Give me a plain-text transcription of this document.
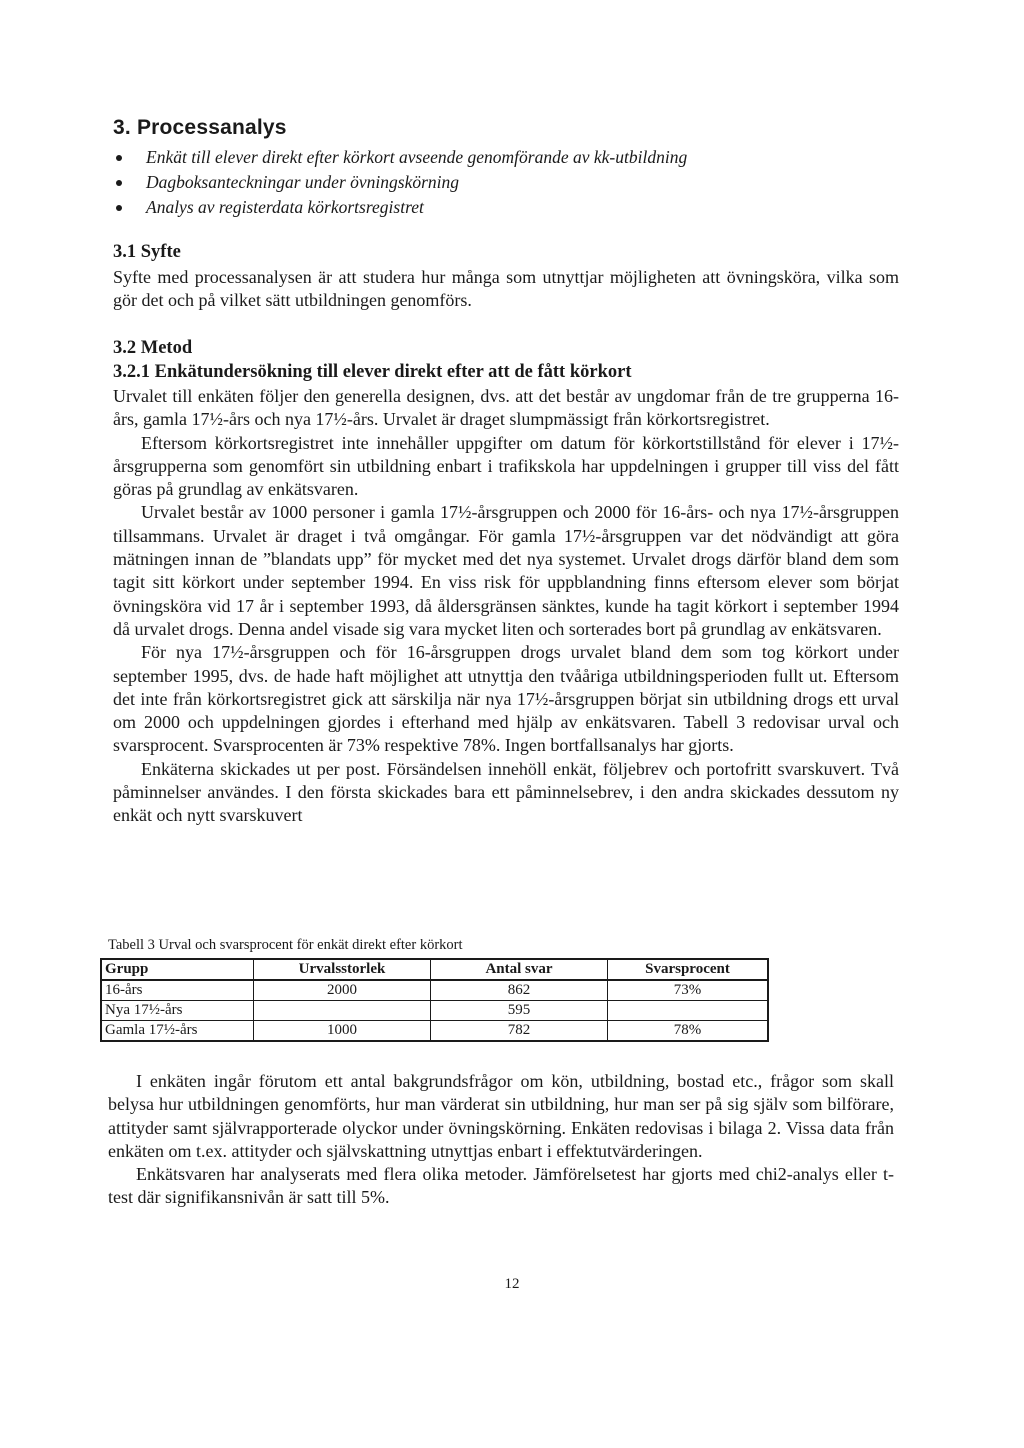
3. Processanalys
Enkät till elever direkt efter körkort avseende genomförande av kk-utbildning
Dagboksanteckningar under övningskörning
Analys av registerdata körkortsregistret
3.1 Syfte
Syfte med processanalysen är att studera hur många som utnyttjar möjligheten att övningsköra, vilka som gör det och på vilket sätt utbildningen genomförs.
3.2 Metod
3.2.1 Enkätundersökning till elever direkt efter att de fått körkort
Urvalet till enkäten följer den generella designen, dvs. att det består av ungdomar från de tre grupperna 16-års, gamla 17½-års och nya 17½-års. Urvalet är draget slumpmässigt från körkortsregistret.
Eftersom körkortsregistret inte innehåller uppgifter om datum för körkortstillstånd för elever i 17½-årsgrupperna som genomfört sin utbildning enbart i trafikskola har uppdelningen i grupper till viss del fått göras på grundlag av enkätsvaren.
Urvalet består av 1000 personer i gamla 17½-årsgruppen och 2000 för 16-års- och nya 17½-årsgruppen tillsammans. Urvalet är draget i två omgångar. För gamla 17½-årsgruppen var det nödvändigt att göra mätningen innan de ”blandats upp” för mycket med det nya systemet. Urvalet drogs därför bland dem som tagit sitt körkort under september 1994. En viss risk för uppblandning finns eftersom elever som börjat övningsköra vid 17 år i september 1993, då åldersgränsen sänktes, kunde ha tagit körkort i september 1994 då urvalet drogs. Denna andel visade sig vara mycket liten och sorterades bort på grundlag av enkätsvaren.
För nya 17½-årsgruppen och för 16-årsgruppen drogs urvalet bland dem som tog körkort under september 1995, dvs. de hade haft möjlighet att utnyttja den tvååriga utbildningsperioden fullt ut. Eftersom det inte från körkortsregistret gick att särskilja när nya 17½-årsgruppen börjat sin utbildning drogs ett urval om 2000 och uppdelningen gjordes i efterhand med hjälp av enkätsvaren. Tabell 3 redovisar urval och svarsprocent. Svarsprocenten är 73% respektive 78%. Ingen bortfallsanalys har gjorts.
Enkäterna skickades ut per post. Försändelsen innehöll enkät, följebrev och portofritt svarskuvert. Två påminnelser användes. I den första skickades bara ett påminnelsebrev, i den andra skickades dessutom ny enkät och nytt svarskuvert
Tabell 3 Urval och svarsprocent för enkät direkt efter körkort
Grupp	Urvalsstorlek	Antal svar	Svarsprocent
16-års	2000	862	73%
Nya 17½-års		595	
Gamla 17½-års	1000	782	78%
I enkäten ingår förutom ett antal bakgrundsfrågor om kön, utbildning, bostad etc., frågor som skall belysa hur utbildningen genomförts, hur man värderat sin utbildning, hur man ser på sig själv som bilförare, attityder samt självrapporterade olyckor under övningskörning. Enkäten redovisas i bilaga 2. Vissa data från enkäten om t.ex. attityder och självskattning utnyttjas enbart i effektutvärderingen.
Enkätsvaren har analyserats med flera olika metoder. Jämförelsetest har gjorts med chi2-analys eller t-test där signifikansnivån är satt till 5%.
12
